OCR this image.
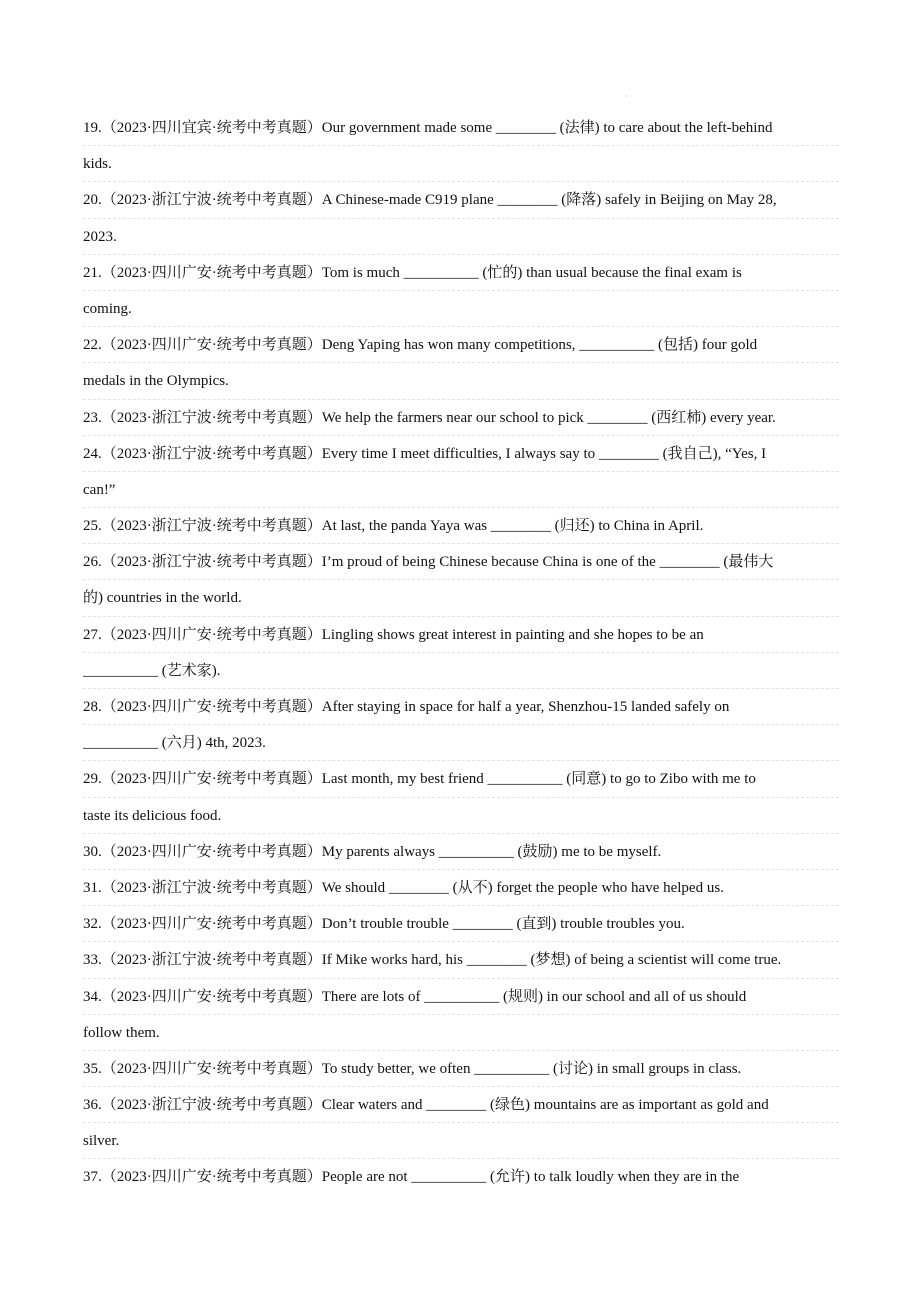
·
19.（2023·四川宜宾·统考中考真题）Our government made some ________ (法律) to care about the left-behind
kids.
20.（2023·浙江宁波·统考中考真题）A Chinese-made C919 plane ________ (降落) safely in Beijing on May 28,
2023.
21.（2023·四川广安·统考中考真题）Tom is much __________ (忙的) than usual because the final exam is
coming.
22.（2023·四川广安·统考中考真题）Deng Yaping has won many competitions, __________ (包括) four gold
medals in the Olympics.
23.（2023·浙江宁波·统考中考真题）We help the farmers near our school to pick ________ (西红柿) every year.
24.（2023·浙江宁波·统考中考真题）Every time I meet difficulties, I always say to ________ (我自己), “Yes, I
can!”
25.（2023·浙江宁波·统考中考真题）At last, the panda Yaya was ________ (归还) to China in April.
26.（2023·浙江宁波·统考中考真题）I’m proud of being Chinese because China is one of the ________ (最伟大
的) countries in the world.
27.（2023·四川广安·统考中考真题）Lingling shows great interest in painting and she hopes to be an
__________ (艺术家).
28.（2023·四川广安·统考中考真题）After staying in space for half a year, Shenzhou-15 landed safely on
__________ (六月) 4th, 2023.
29.（2023·四川广安·统考中考真题）Last month, my best friend __________ (同意) to go to Zibo with me to
taste its delicious food.
30.（2023·四川广安·统考中考真题）My parents always __________ (鼓励) me to be myself.
31.（2023·浙江宁波·统考中考真题）We should ________ (从不) forget the people who have helped us.
32.（2023·四川广安·统考中考真题）Don’t trouble trouble ________ (直到) trouble troubles you.
33.（2023·浙江宁波·统考中考真题）If Mike works hard, his ________ (梦想) of being a scientist will come true.
34.（2023·四川广安·统考中考真题）There are lots of __________ (规则) in our school and all of us should
follow them.
35.（2023·四川广安·统考中考真题）To study better, we often __________ (讨论) in small groups in class.
36.（2023·浙江宁波·统考中考真题）Clear waters and ________ (绿色) mountains are as important as gold and
silver.
37.（2023·四川广安·统考中考真题）People are not __________ (允许) to talk loudly when they are in the
